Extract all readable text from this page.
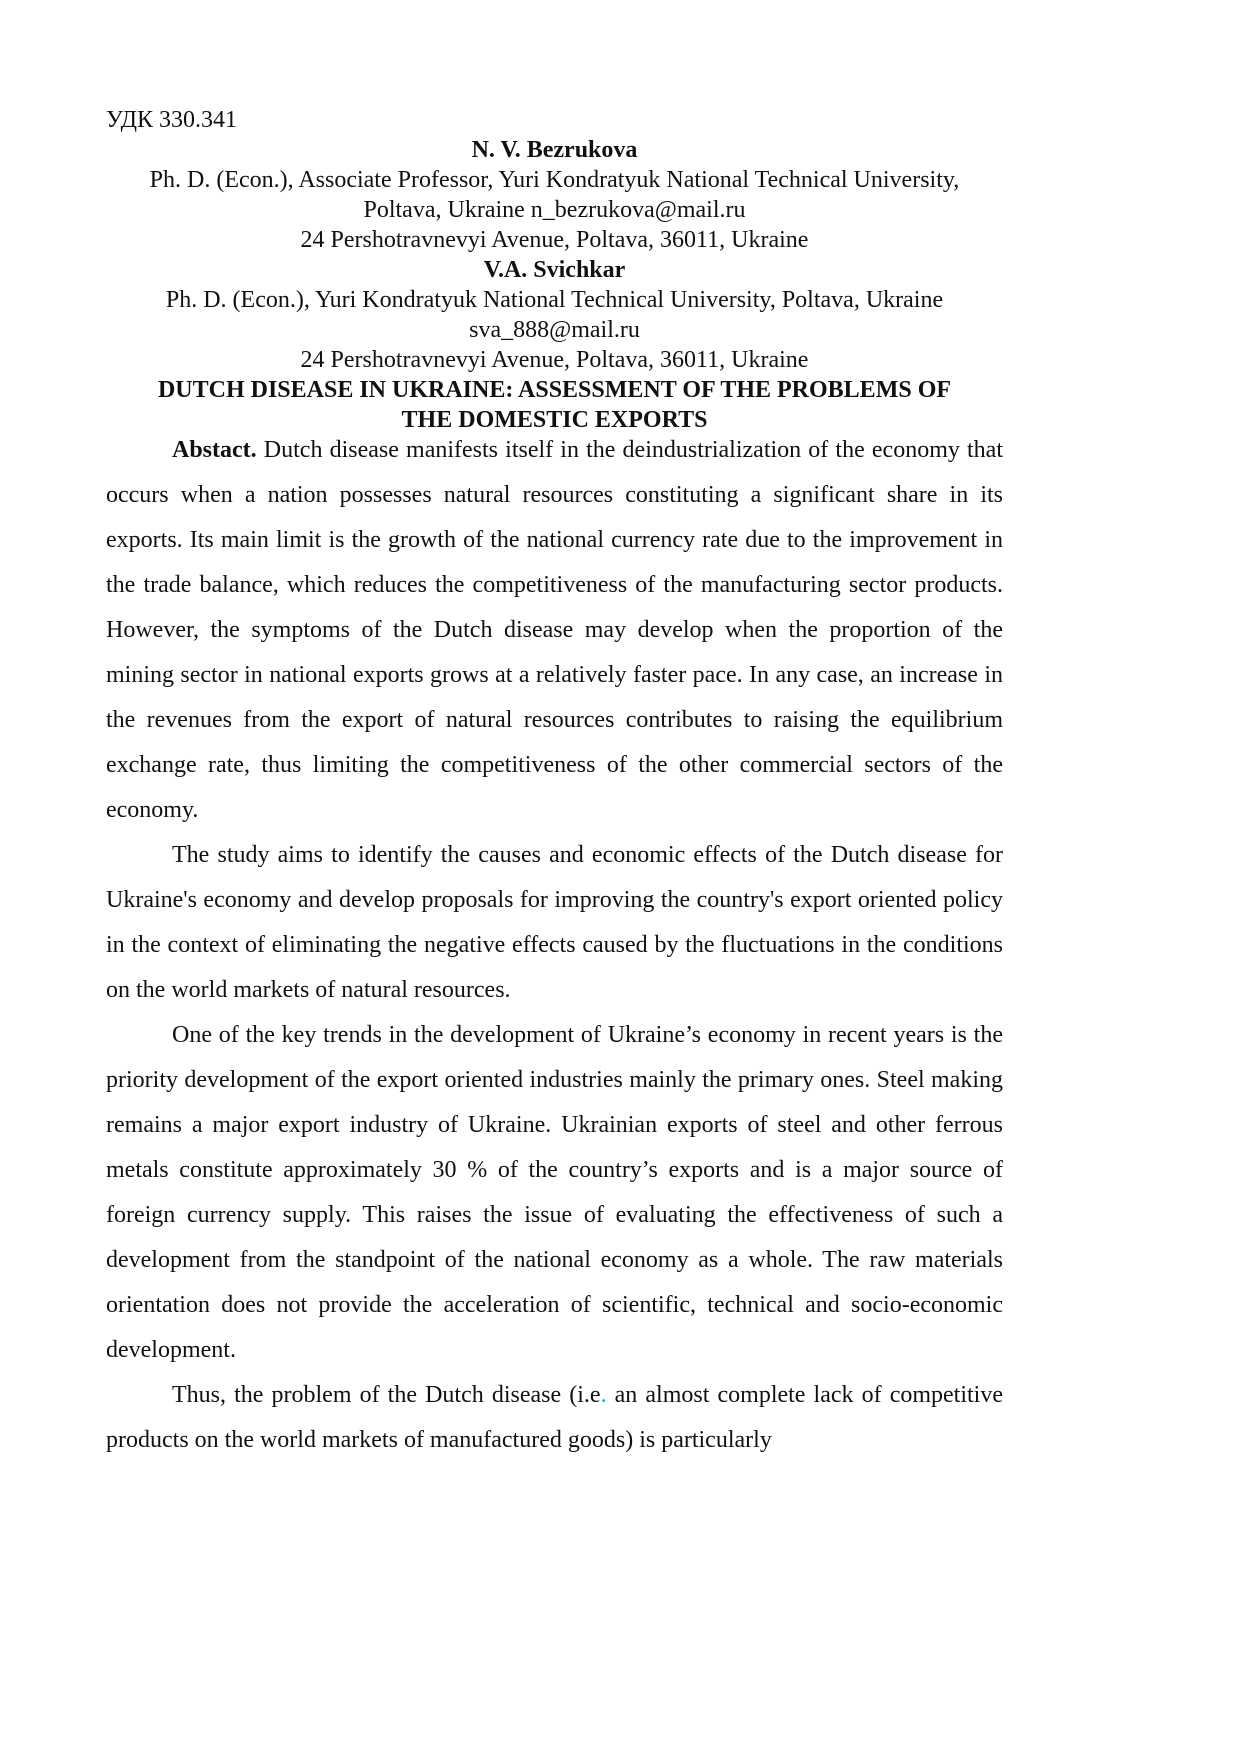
УДК 330.341
N. V. Bezrukova
Ph. D. (Econ.), Associate Professor, Yuri Kondratyuk National Technical University,
Poltava, Ukraine n_bezrukova@mail.ru
24 Pershotravnevyi Avenue, Poltava, 36011, Ukraine
V.A. Svichkar
Ph. D. (Econ.), Yuri Kondratyuk National Technical University, Poltava, Ukraine
sva_888@mail.ru
24 Pershotravnevyi Avenue, Poltava, 36011, Ukraine
DUTCH DISEASE IN UKRAINE: ASSESSMENT OF THE PROBLEMS OF
THE DOMESTIC EXPORTS

Abstact. Dutch disease manifests itself in the deindustrialization of the economy that occurs when a nation possesses natural resources constituting a significant share in its exports. Its main limit is the growth of the national currency rate due to the improvement in the trade balance, which reduces the competitiveness of the manufacturing sector products. However, the symptoms of the Dutch disease may develop when the proportion of the mining sector in national exports grows at a relatively faster pace. In any case, an increase in the revenues from the export of natural resources contributes to raising the equilibrium exchange rate, thus limiting the competitiveness of the other commercial sectors of the economy.

The study aims to identify the causes and economic effects of the Dutch disease for Ukraine's economy and develop proposals for improving the country's export oriented policy in the context of eliminating the negative effects caused by the fluctuations in the conditions on the world markets of natural resources.

One of the key trends in the development of Ukraine’s economy in recent years is the priority development of the export oriented industries mainly the primary ones. Steel making remains a major export industry of Ukraine. Ukrainian exports of steel and other ferrous metals constitute approximately 30 % of the country’s exports and is a major source of foreign currency supply. This raises the issue of evaluating the effectiveness of such a development from the standpoint of the national economy as a whole. The raw materials orientation does not provide the acceleration of scientific, technical and socio-economic development.

Thus, the problem of the Dutch disease (i.e. an almost complete lack of competitive products on the world markets of manufactured goods) is particularly
